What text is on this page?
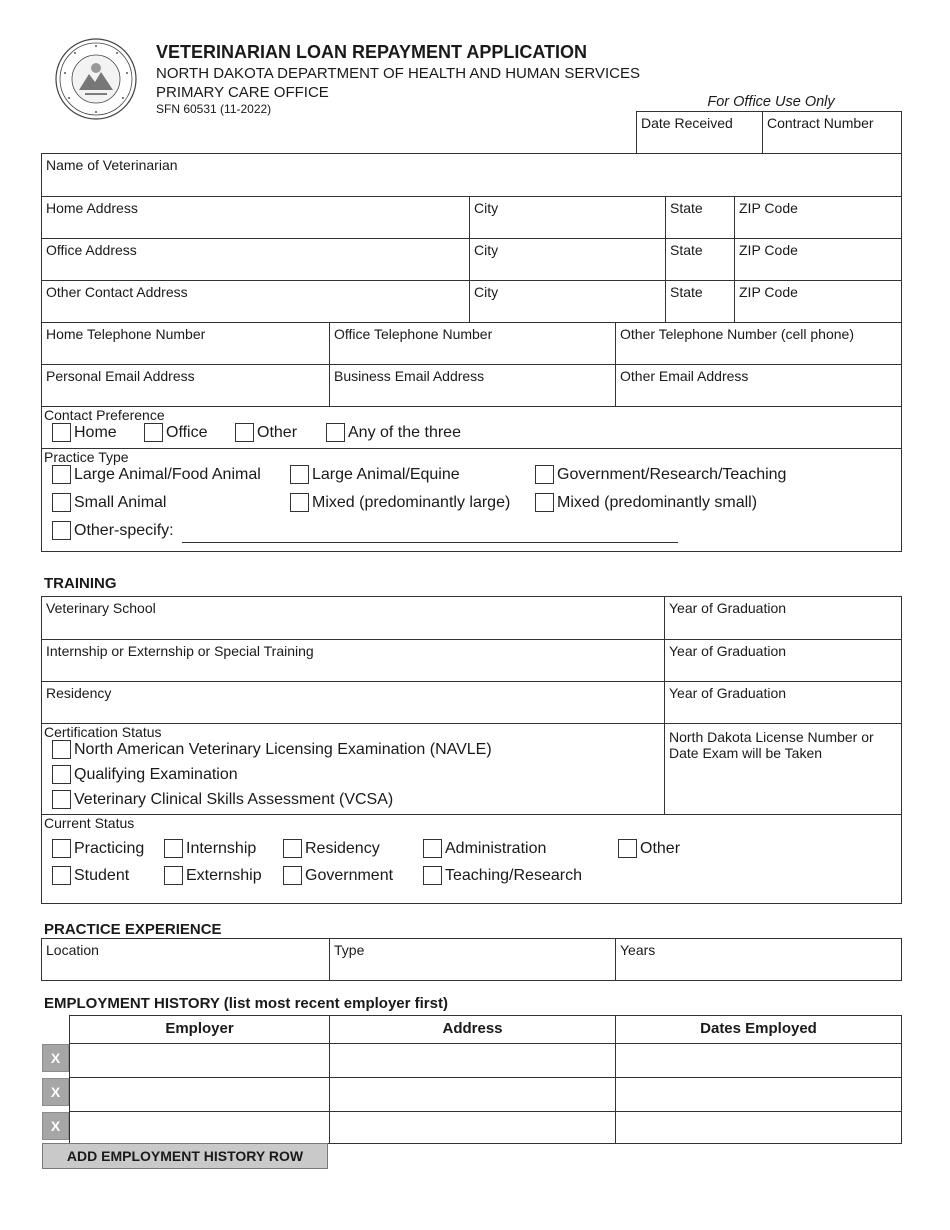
VETERINARIAN LOAN REPAYMENT APPLICATION
NORTH DAKOTA DEPARTMENT OF HEALTH AND HUMAN SERVICES
PRIMARY CARE OFFICE
SFN 60531 (11-2022)	For Office Use Only
Date Received	Contract Number
Name of Veterinarian
Home Address	City	State	ZIP Code
Office Address	City	State	ZIP Code
Other Contact Address	City	State	ZIP Code
Home Telephone Number	Office Telephone Number	Other Telephone Number (cell phone)
Personal Email Address	Business Email Address	Other Email Address
Contact Preference
Home	Office	Other	Any of the three
Practice Type
Large Animal/Food Animal	Large Animal/Equine	Government/Research/Teaching
Small Animal	Mixed (predominantly large)	Mixed (predominantly small)
Other-specify:
TRAINING
Veterinary School	Year of Graduation
Internship or Externship or Special Training	Year of Graduation
Residency	Year of Graduation
Certification Status
North American Veterinary Licensing Examination (NAVLE)
Qualifying Examination
Veterinary Clinical Skills Assessment (VCSA)
North Dakota License Number or
Date Exam will be Taken
Current Status
Practicing	Internship	Residency	Administration	Other
Student	Externship	Government	Teaching/Research
PRACTICE EXPERIENCE
Location	Type	Years
EMPLOYMENT HISTORY (list most recent employer first)
Employer	Address	Dates Employed
X
X
X
ADD EMPLOYMENT HISTORY ROW
